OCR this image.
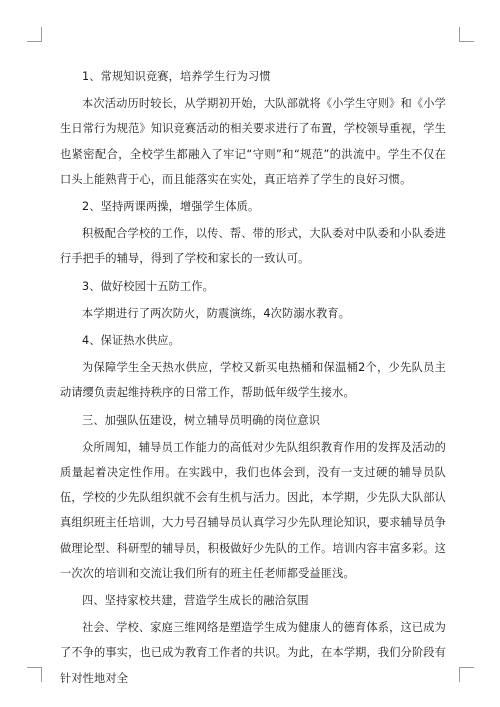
1、常规知识竞赛，培养学生行为习惯

本次活动历时较长，从学期初开始，大队部就将《小学生守则》和《小学生日常行为规范》知识竞赛活动的相关要求进行了布置，学校领导重视，学生也紧密配合，全校学生都融入了牢记“守则”和“规范”的洪流中。学生不仅在口头上能熟背于心，而且能落实在实处，真正培养了学生的良好习惯。

2、坚持两课两操，增强学生体质。

积极配合学校的工作，以传、帮、带的形式，大队委对中队委和小队委进行手把手的辅导，得到了学校和家长的一致认可。

3、做好校园十五防工作。

本学期进行了两次防火，防震演练，4次防溺水教育。

4、保证热水供应。

为保障学生全天热水供应，学校又新买电热桶和保温桶2个，少先队员主动请缨负责起维持秩序的日常工作，帮助低年级学生接水。

三、加强队伍建设，树立辅导员明确的岗位意识

众所周知，辅导员工作能力的高低对少先队组织教育作用的发挥及活动的质量起着决定性作用。在实践中，我们也体会到，没有一支过硬的辅导员队伍，学校的少先队组织就不会有生机与活力。因此，本学期，少先队大队部认真组织班主任培训，大力号召辅导员认真学习少先队理论知识，要求辅导员争做理论型、科研型的辅导员，积极做好少先队的工作。培训内容丰富多彩。这一次次的培训和交流让我们所有的班主任老师都受益匪浅。

四、坚持家校共建，营造学生成长的融洽氛围

社会、学校、家庭三维网络是塑造学生成为健康人的德育体系，这已成为了不争的事实，也已成为教育工作者的共识。为此，在本学期，我们分阶段有针对性地对全
